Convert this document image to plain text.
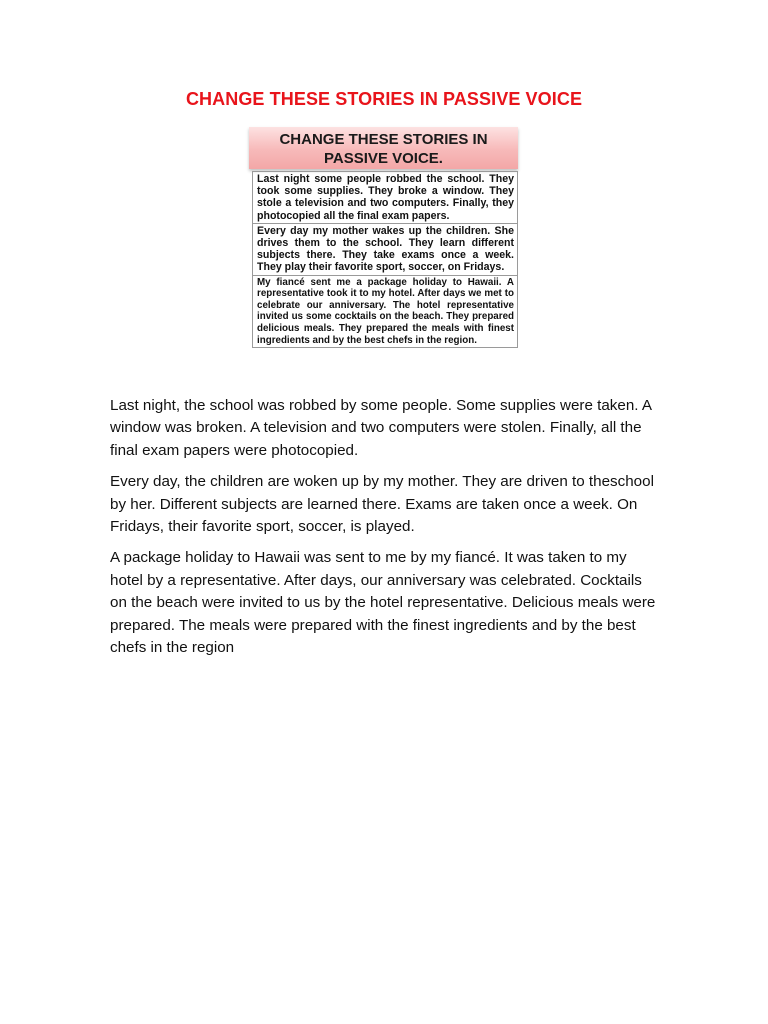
CHANGE THESE STORIES IN PASSIVE VOICE
CHANGE THESE STORIES IN
PASSIVE VOICE.
Last night some people robbed the school. They took some supplies. They broke a window. They stole a television and two computers. Finally, they photocopied all the final exam papers.
Every day my mother wakes up the children. She drives them to the school. They learn different subjects there. They take exams once a week. They play their favorite sport, soccer, on Fridays.
My fiancé sent me a package holiday to Hawaii. A representative took it to my hotel. After days we met to celebrate our anniversary. The hotel representative invited us some cocktails on the beach. They prepared delicious meals. They prepared the meals with finest ingredients and by the best chefs in the region.

Last night, the school was robbed by some people. Some supplies were taken. A window was broken. A television and two computers were stolen. Finally, all the final exam papers were photocopied.

Every day, the children are woken up by my mother. They are driven to theschool by her. Different subjects are learned there. Exams are taken once a week. On Fridays, their favorite sport, soccer, is played.

A package holiday to Hawaii was sent to me by my fiancé. It was taken to my hotel by a representative. After days, our anniversary was celebrated. Cocktails on the beach were invited to us by the hotel representative. Delicious meals were prepared. The meals were prepared with the finest ingredients and by the best chefs in the region
